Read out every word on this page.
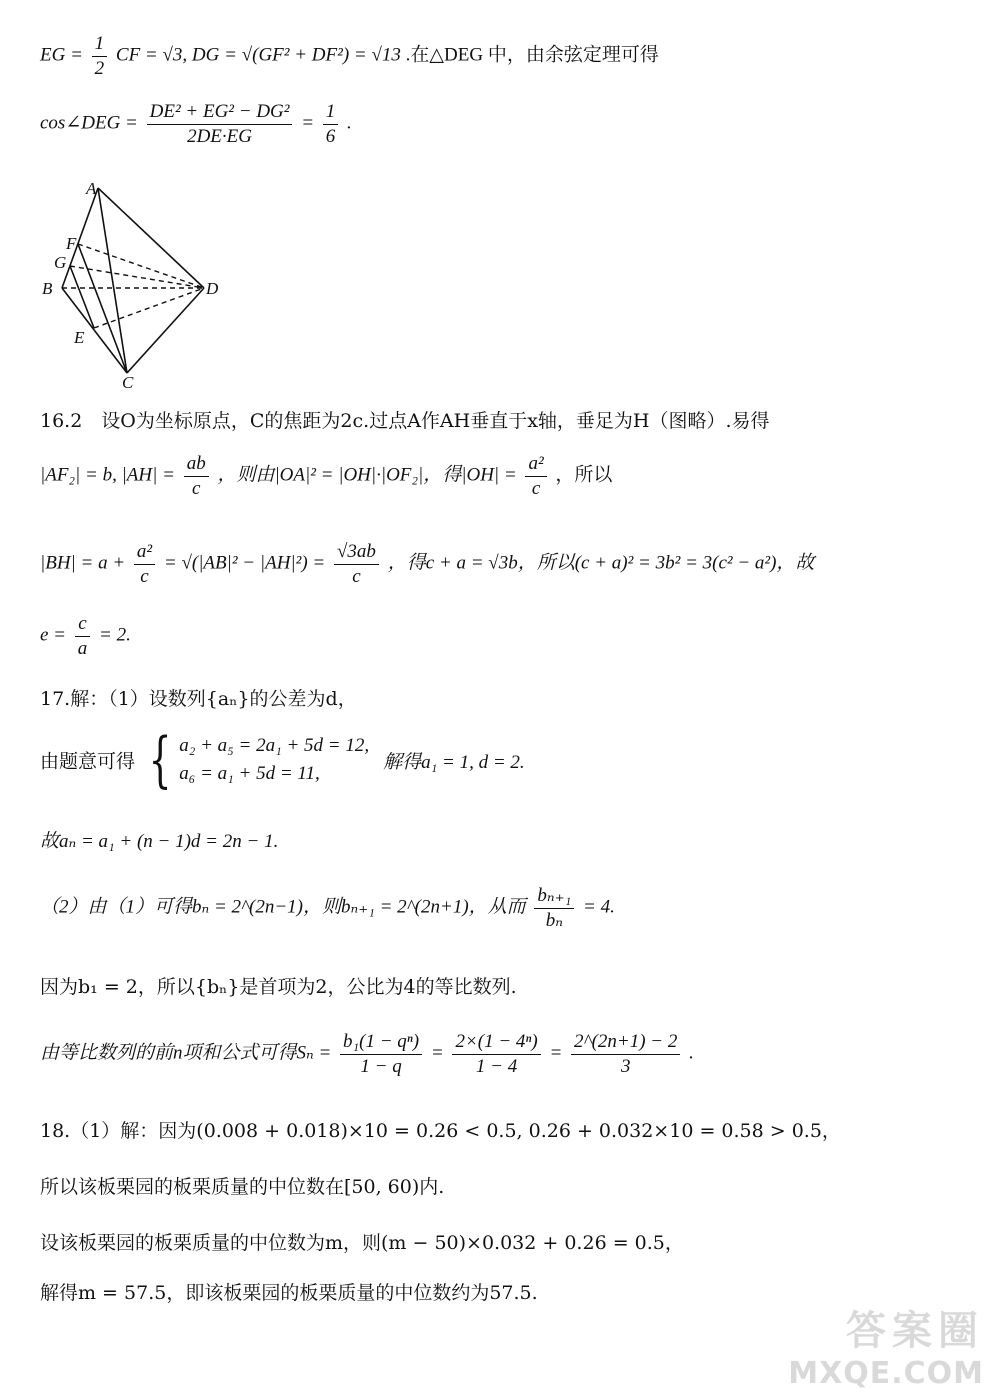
EG = $\frac{1}{2}$ CF = √3, DG = √(GF² + DF²) = √13 .在△DEG 中，由余弦定理可得
cos∠DEG = $\frac{\text{DE² + EG² − DG²}}{2DE\cdot EG} = \frac{1}{6}$ .
A
F
G
B	D
E
C
16.2　设O为坐标原点，C的焦距为2c.过点A作AH垂直于x轴，垂足为H（图略）.易得
|AF₂| = b, $|AH| = \frac{ab}{c}$ ，则由|OA|² = |OH|·|OF₂|，得$|OH| = \frac{\text{a²}}{c}$ ，所以
$|BH| = a + \frac{\text{a²}}{c} = √(|AB|^2 - |AH|^2) = \frac{√3ab}{c}$ ，得c + a = √3b，所以(c + a)² = 3b² = 3(c² − a²)，故
$e = \frac{c}{a} = 2$.
17.解：（1）设数列{aₙ}的公差为d，
由题意可得 { a₂ + a₅ = 2a₁ + 5d = 12,
a₆ = a₁ + 5d = 11,
解得a₁ = 1, d = 2.
故aₙ = a₁ + (n − 1)d = 2n − 1.
（2）由（1）可得bₙ = 2^(2n−1)，则bₙ₊₁ = 2^(2n+1)，从而 $\frac{\text{bₙ₊₁}}{\text{bₙ}} = 4$.
因为b₁ = 2，所以{bₙ}是首项为2，公比为4的等比数列.
由等比数列的前n项和公式可得$S_n = \frac{\text{b₁(1 − qⁿ)}}{1 - q} = \frac{\text{2×(1 − 4ⁿ)}}{1 - 4} = \frac{2\^{}(2n+1) - 2}{3}$ .
18.（1）解：因为(0.008 + 0.018)×10 = 0.26 < 0.5, 0.26 + 0.032×10 = 0.58 > 0.5，
所以该板栗园的板栗质量的中位数在[50, 60)内.
设该板栗园的板栗质量的中位数为m，则(m − 50)×0.032 + 0.26 = 0.5，
解得m = 57.5，即该板栗园的板栗质量的中位数约为57.5.
答案圈
MXQE.COM
